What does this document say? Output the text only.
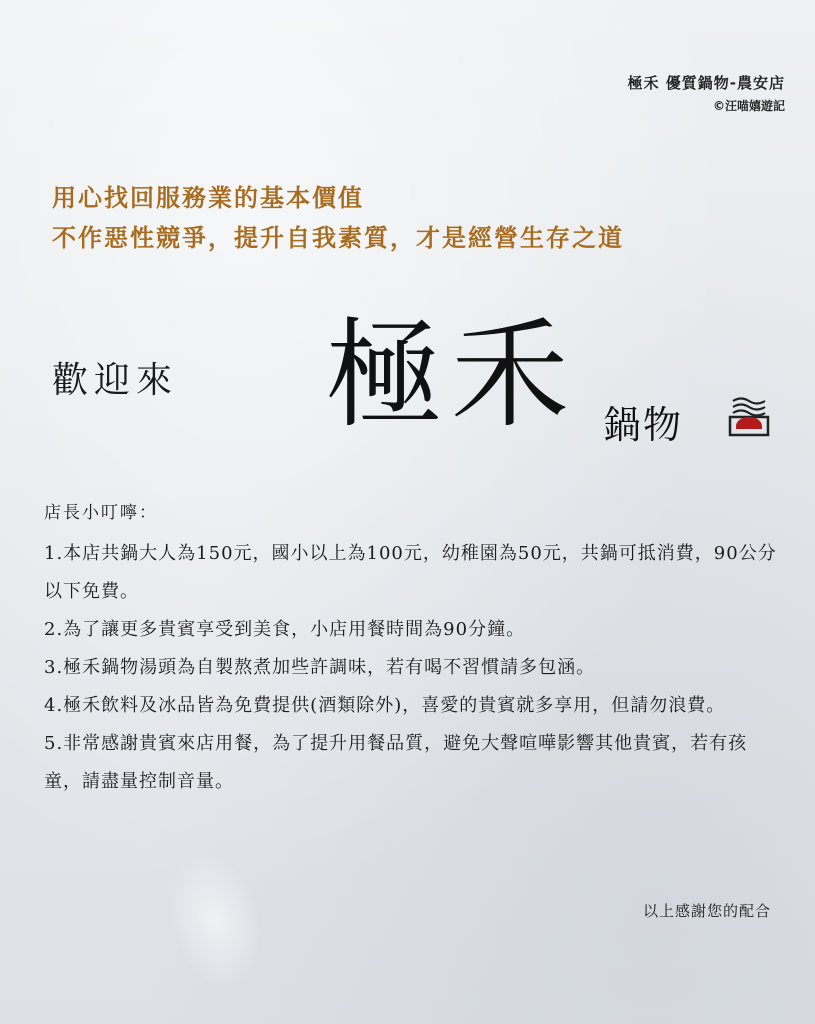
極禾 優質鍋物-農安店
©汪喵嬉遊記
用心找回服務業的基本價值
不作惡性競爭，提升自我素質，才是經營生存之道
歡迎來 極禾 鍋物
店長小叮嚀：

1.本店共鍋大人為150元，國小以上為100元，幼稚園為50元，共鍋可抵消費，90公分以下免費。

2.為了讓更多貴賓享受到美食，小店用餐時間為90分鐘。

3.極禾鍋物湯頭為自製熬煮加些許調味，若有喝不習慣請多包涵。

4.極禾飲料及冰品皆為免費提供(酒類除外)，喜愛的貴賓就多享用，但請勿浪費。

5.非常感謝貴賓來店用餐，為了提升用餐品質，避免大聲喧嘩影響其他貴賓，若有孩童，請盡量控制音量。

以上感謝您的配合
